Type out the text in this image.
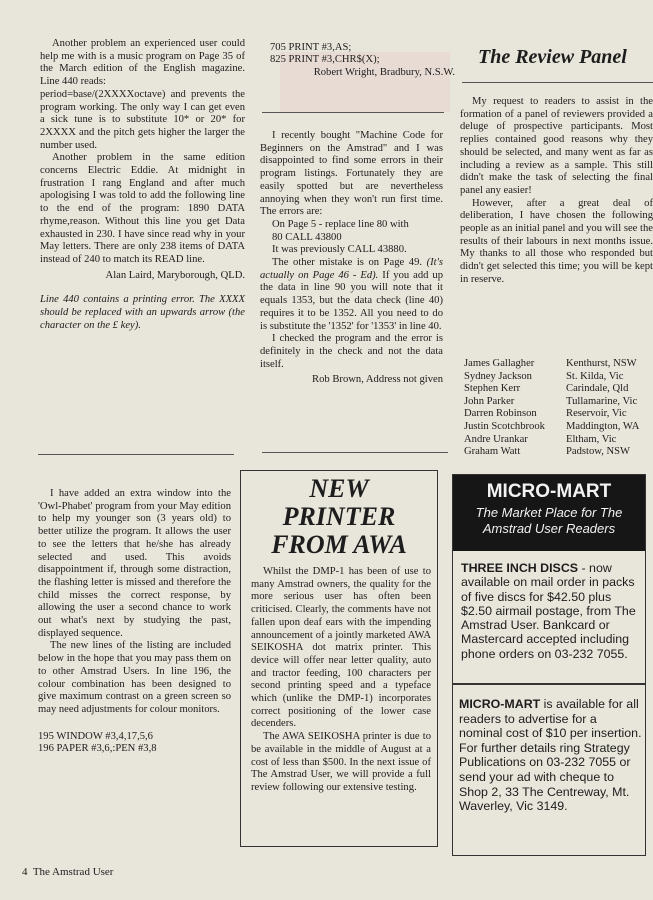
Another problem an experienced user could help me with is a music program on Page 35 of the March edition of the English magazine. Line 440 reads:

period=base/(2XXXXoctave) and prevents the program working. The only way I can get even a sick tune is to substitute 10* or 20* for 2XXXX and the pitch gets higher the larger the number used.

Another problem in the same edition concerns Electric Eddie. At midnight in frustration I rang England and after much apologising I was told to add the following line to the end of the program: 1890 DATA rhyme,reason. Without this line you get Data exhausted in 230. I have since read why in your May letters. There are only 238 items of DATA instead of 240 to match its READ line.

Alan Laird, Maryborough, QLD.

Line 440 contains a printing error. The XXXX should be replaced with an upwards arrow (the character on the £ key).

I have added an extra window into the 'Owl-Phabet' program from your May edition to help my younger son (3 years old) to better utilize the program. It allows the user to see the letters that he/she has already selected and used. This avoids disappointment if, through some distraction, the flashing letter is missed and therefore the child misses the correct response, by allowing the user a second chance to work out what's next by studying the past, displayed sequence.

The new lines of the listing are included below in the hope that you may pass them on to other Amstrad Users. In line 196, the colour combination has been designed to give maximum contrast on a green screen so may need adjustments for colour monitors.

195 WINDOW #3,4,17,5,6
196 PAPER #3,6,:PEN #3,8
705 PRINT #3,AS;
825 PRINT #3,CHR$(X);
Robert Wright, Bradbury, N.S.W.

I recently bought "Machine Code for Beginners on the Amstrad" and I was disappointed to find some errors in their program listings. Fortunately they are easily spotted but are nevertheless annoying when they won't run first time. The errors are:

On Page 5 - replace line 80 with

80 CALL 43800

It was previously CALL 43880.

The other mistake is on Page 49. (It's actually on Page 46 - Ed). If you add up the data in line 90 you will note that it equals 1353, but the data check (line 40) requires it to be 1352. All you need to do is substitute the '1352' for '1353' in line 40.

I checked the program and the error is definitely in the check and not the data itself.

Rob Brown, Address not given

The Review Panel

My request to readers to assist in the formation of a panel of reviewers provided a deluge of prospective participants. Most replies contained good reasons why they should be selected, and many went as far as including a review as a sample. This still didn't make the task of selecting the final panel any easier!

However, after a great deal of deliberation, I have chosen the following people as an initial panel and you will see the results of their labours in next months issue. My thanks to all those who responded but didn't get selected this time; you will be kept in reserve.

James Gallagher
Sydney Jackson
Stephen Kerr
John Parker
Darren Robinson
Justin Scotchbrook
Andre Urankar
Graham Watt
Kenthurst, NSW
St. Kilda, Vic
Carindale, Qld
Tullamarine, Vic
Reservoir, Vic
Maddington, WA
Eltham, Vic
Padstow, NSW
NEW
PRINTER
FROM AWA

Whilst the DMP-1 has been of use to many Amstrad owners, the quality for the more serious user has often been criticised. Clearly, the comments have not fallen upon deaf ears with the impending announcement of a jointly marketed AWA SEIKOSHA dot matrix printer. This device will offer near letter quality, auto and tractor feeding, 100 characters per second printing speed and a typeface which (unlike the DMP-1) incorporates correct positioning of the lower case decenders.

The AWA SEIKOSHA printer is due to be available in the middle of August at a cost of less than $500. In the next issue of The Amstrad User, we will provide a full review following our extensive testing.

MICRO-MART
The Market Place for The Amstrad User Readers
THREE INCH DISCS - now available on mail order in packs of five discs for $42.50 plus $2.50 airmail postage, from The Amstrad User. Bankcard or Mastercard accepted including phone orders on 03-232 7055.
MICRO-MART is available for all readers to advertise for a nominal cost of $10 per insertion. For further details ring Strategy Publications on 03-232 7055 or send your ad with cheque to Shop 2, 33 The Centreway, Mt. Waverley, Vic 3149.
4 The Amstrad User
